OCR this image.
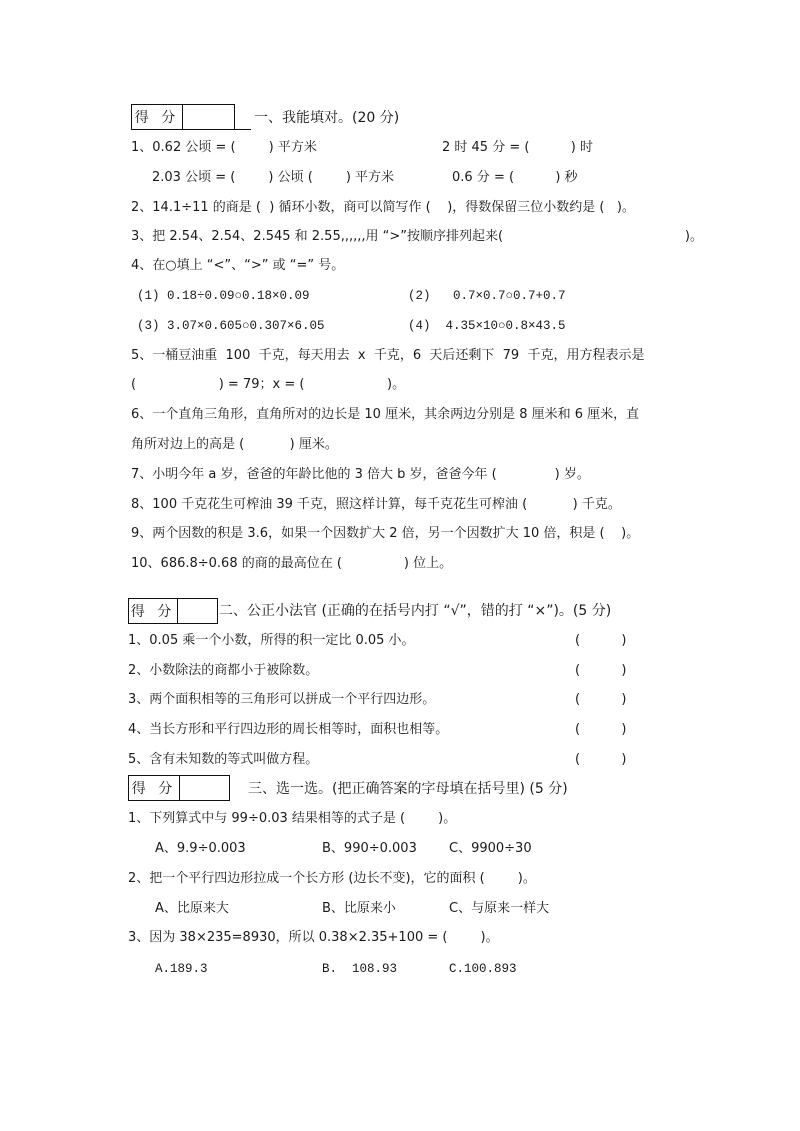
得 分	一、我能填对。(20 分)
1、0.62 公顷 = (        ) 平方米	2 时 45 分 = (          ) 时
2.03 公顷 = (        ) 公顷 (        ) 平方米	0.6 分 = (          ) 秒
2、14.1÷11 的商是 (  ) 循环小数，商可以简写作 (    )，得数保留三位小数约是 (   )。
3、把 2.54、2.54̇、2.545 和 2.55,,,,,,用 “>”按顺序排列起来(                                            )。
4、在○填上 “<”、“>” 或 “=” 号。
(1) 0.18÷0.09○0.18×0.09	(2)   0.7×0.7○0.7+0.7
(3) 3.07×0.605○0.307×6.05	(4)  4.35×10○0.8×43.5
5、一桶豆油重  100  千克，每天用去  x  千克，6  天后还剩下  79  千克，用方程表示是
(                    ) = 79；x = (                    )。
6、一个直角三角形，直角所对的边长是 10 厘米，其余两边分别是 8 厘米和 6 厘米，直
角所对边上的高是 (           ) 厘米。
7、小明今年 a 岁，爸爸的年龄比他的 3 倍大 b 岁，爸爸今年 (              ) 岁。
8、100 千克花生可榨油 39 千克，照这样计算，每千克花生可榨油 (           ) 千克。
9、两个因数的积是 3.6，如果一个因数扩大 2 倍，另一个因数扩大 10 倍，积是 (    )。
10、686.8÷0.68 的商的最高位在 (               ) 位上。
得 分	二、公正小法官 (正确的在括号内打 “√”，错的打 “×”)。(5 分)
1、0.05 乘一个小数，所得的积一定比 0.05 小。	(          )
2、小数除法的商都小于被除数。	(          )
3、两个面积相等的三角形可以拼成一个平行四边形。	(          )
4、当长方形和平行四边形的周长相等时，面积也相等。	(          )
5、含有未知数的等式叫做方程。	(          )
得 分	三、选一选。(把正确答案的字母填在括号里) (5 分)
1、下列算式中与 99÷0.03 结果相等的式子是 (        )。
A、9.9÷0.003	B、990÷0.003 C、9900÷30
2、把一个平行四边形拉成一个长方形 (边长不变)，它的面积 (        )。
A、比原来大	B、比原来小	C、与原来一样大
3、因为 38×235=8930，所以 0.38×2.35+100 = (        )。
A.189.3	B.  108.93	C.100.893
